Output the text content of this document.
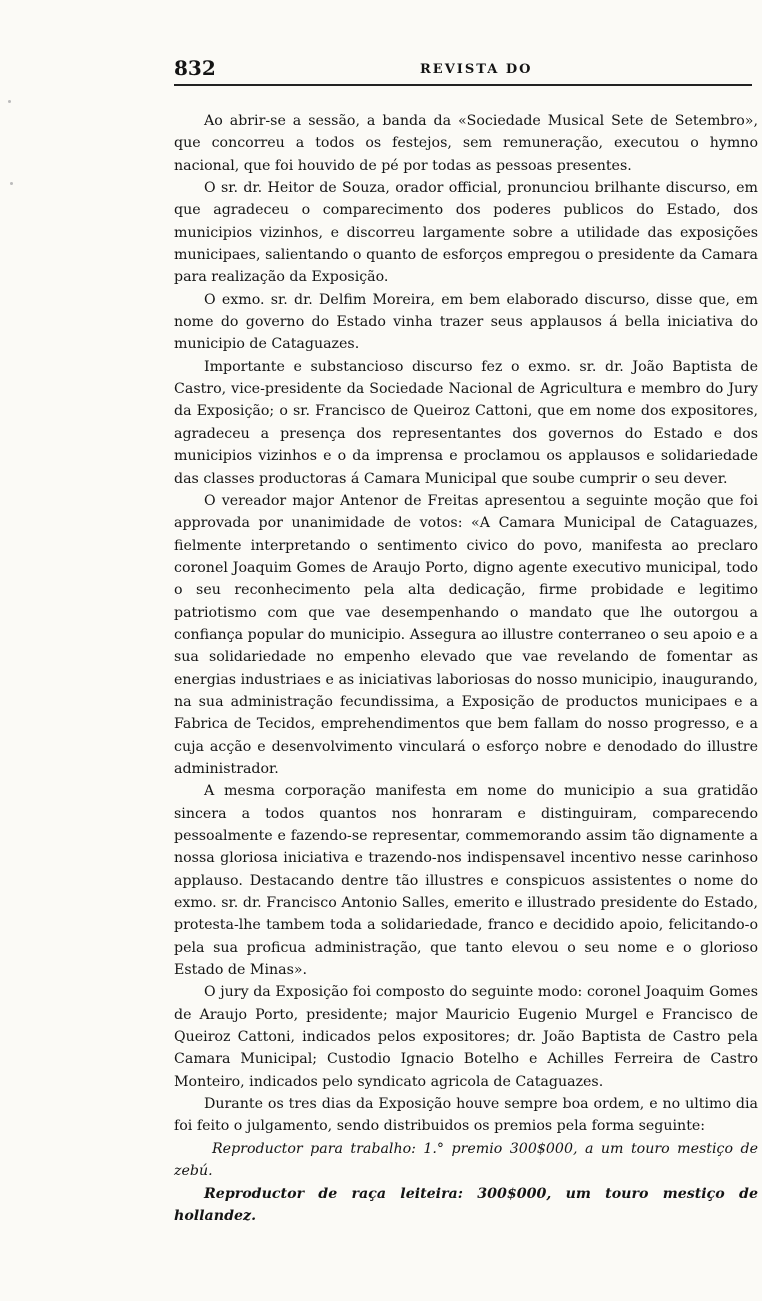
832	REVISTA DO

Ao abrir-se a sessão, a banda da «Sociedade Musical Sete de Setembro», que concorreu a todos os festejos, sem remuneração, executou o hymno nacional, que foi houvido de pé por todas as pessoas presentes.

O sr. dr. Heitor de Souza, orador official, pronunciou brilhante discurso, em que agradeceu o comparecimento dos poderes publicos do Estado, dos municipios vizinhos, e discorreu largamente sobre a utilidade das exposições municipaes, salientando o quanto de esforços empregou o presidente da Camara para realização da Exposição.

O exmo. sr. dr. Delfim Moreira, em bem elaborado discurso, disse que, em nome do governo do Estado vinha trazer seus applausos á bella iniciativa do municipio de Cataguazes.

Importante e substancioso discurso fez o exmo. sr. dr. João Baptista de Castro, vice-presidente da Sociedade Nacional de Agricultura e membro do Jury da Exposição; o sr. Francisco de Queiroz Cattoni, que em nome dos expositores, agradeceu a presença dos representantes dos governos do Estado e dos municipios vizinhos e o da imprensa e proclamou os applausos e solidariedade das classes productoras á Camara Municipal que soube cumprir o seu dever.

O vereador major Antenor de Freitas apresentou a seguinte moção que foi approvada por unanimidade de votos: «A Camara Municipal de Cataguazes, fielmente interpretando o sentimento civico do povo, manifesta ao preclaro coronel Joaquim Gomes de Araujo Porto, digno agente executivo municipal, todo o seu reconhecimento pela alta dedicação, firme probidade e legitimo patriotismo com que vae desempenhando o mandato que lhe outorgou a confiança popular do municipio. Assegura ao illustre conterraneo o seu apoio e a sua solidariedade no empenho elevado que vae revelando de fomentar as energias industriaes e as iniciativas laboriosas do nosso municipio, inaugurando, na sua administração fecundissima, a Exposição de productos municipaes e a Fabrica de Tecidos, emprehendimentos que bem fallam do nosso progresso, e a cuja acção e desenvolvimento vinculará o esforço nobre e denodado do illustre administrador.

A mesma corporação manifesta em nome do municipio a sua gratidão sincera a todos quantos nos honraram e distinguiram, comparecendo pessoalmente e fazendo-se representar, commemorando assim tão dignamente a nossa gloriosa iniciativa e trazendo-nos indispensavel incentivo nesse carinhoso applauso. Destacando dentre tão illustres e conspicuos assistentes o nome do exmo. sr. dr. Francisco Antonio Salles, emerito e illustrado presidente do Estado, protesta-lhe tambem toda a solidariedade, franco e decidido apoio, felicitando-o pela sua proficua administração, que tanto elevou o seu nome e o glorioso Estado de Minas».

O jury da Exposição foi composto do seguinte modo: coronel Joaquim Gomes de Araujo Porto, presidente; major Mauricio Eugenio Murgel e Francisco de Queiroz Cattoni, indicados pelos expositores; dr. João Baptista de Castro pela Camara Municipal; Custodio Ignacio Botelho e Achilles Ferreira de Castro Monteiro, indicados pelo syndicato agricola de Cataguazes.

Durante os tres dias da Exposição houve sempre boa ordem, e no ultimo dia foi feito o julgamento, sendo distribuidos os premios pela forma seguinte:

Reproductor para trabalho: 1.° premio 300$000, a um touro mestiço de zebú.

Reproductor de raça leiteira: 300$000, um touro mestiço de hollandez.
